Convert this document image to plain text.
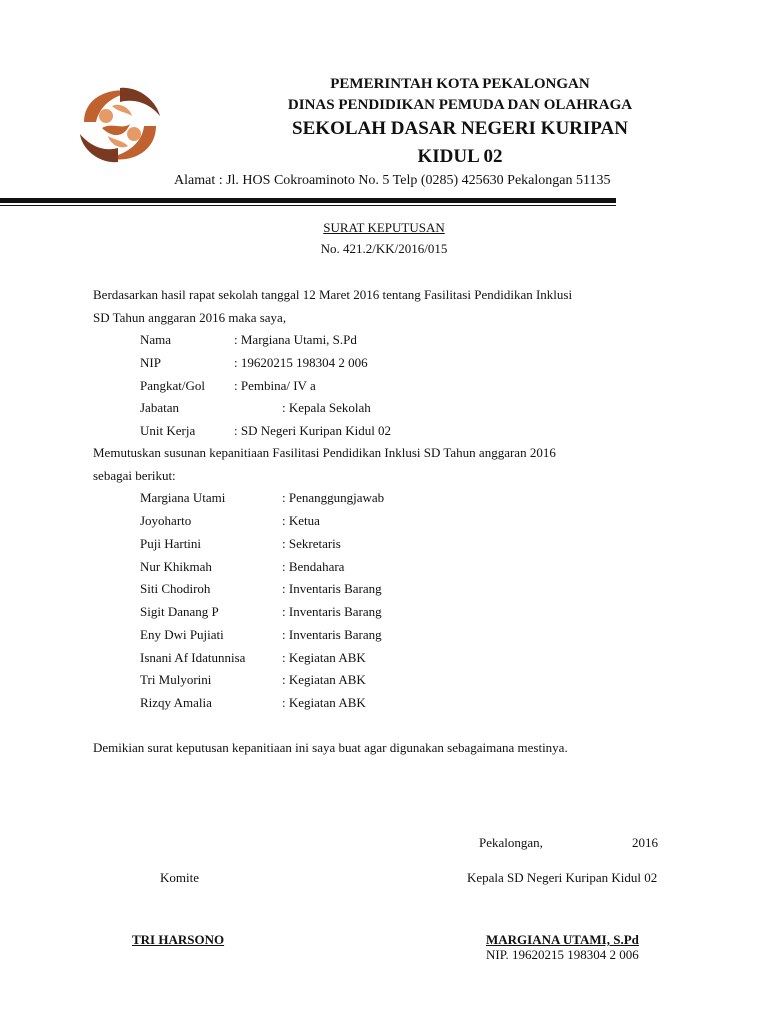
PEMERINTAH KOTA PEKALONGAN
DINAS PENDIDIKAN PEMUDA DAN OLAHRAGA
SEKOLAH DASAR NEGERI KURIPAN
KIDUL 02
Alamat : Jl. HOS Cokroaminoto No. 5 Telp (0285) 425630 Pekalongan 51135
SURAT KEPUTUSAN
No. 421.2/KK/2016/015
Berdasarkan hasil rapat sekolah tanggal 12 Maret 2016 tentang Fasilitasi Pendidikan Inklusi
SD Tahun anggaran 2016 maka saya,
Nama	: Margiana Utami, S.Pd
NIP	: 19620215 198304 2 006
Pangkat/Gol : Pembina/ IV a
Jabatan	: Kepala Sekolah
Unit Kerja	: SD Negeri Kuripan Kidul 02
Memutuskan susunan kepanitiaan Fasilitasi Pendidikan Inklusi SD Tahun anggaran 2016
sebagai berikut:
Margiana Utami	: Penanggungjawab
Joyoharto	: Ketua
Puji Hartini	: Sekretaris
Nur Khikmah	: Bendahara
Siti Chodiroh	: Inventaris Barang
Sigit Danang P	: Inventaris Barang
Eny Dwi Pujiati	: Inventaris Barang
Isnani Af Idatunnisa	: Kegiatan ABK
Tri Mulyorini	: Kegiatan ABK
Rizqy Amalia	: Kegiatan ABK
Demikian surat keputusan kepanitiaan ini saya buat agar digunakan sebagaimana mestinya.
Pekalongan,	2016
Komite	Kepala SD Negeri Kuripan Kidul 02
TRI HARSONO	MARGIANA UTAMI, S.Pd
NIP. 19620215 198304 2 006
